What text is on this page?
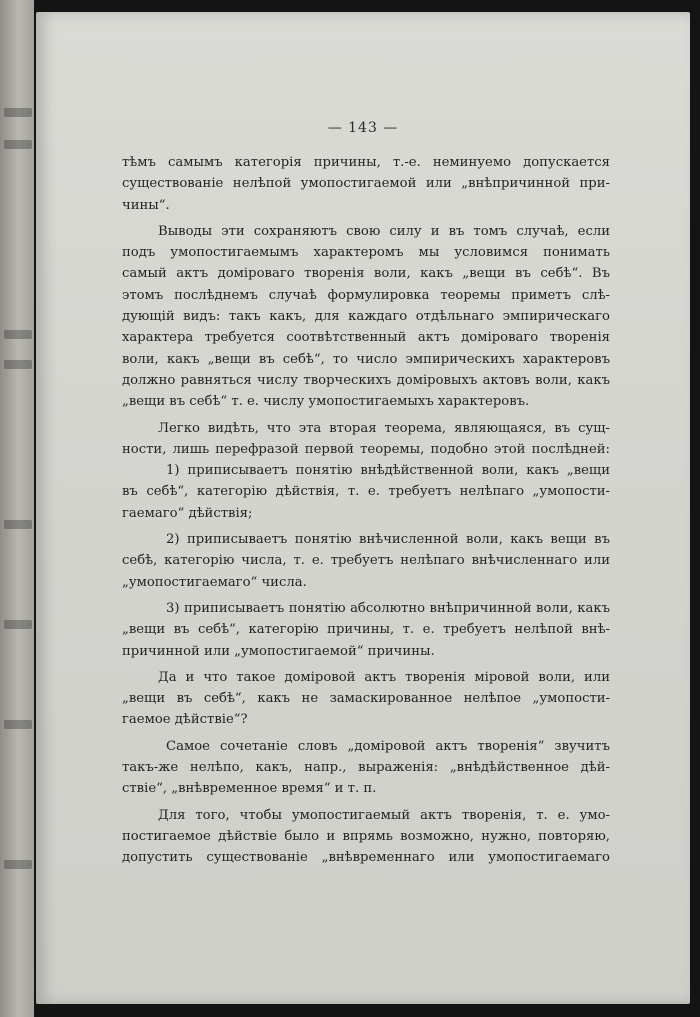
— 143 —
тѣмъ самымъ категорія причины, т.-е. неминуемо допускается
существованіе нелѣпой умопостигаемой или „внѣпричинной при-
чины“.
Выводы эти сохраняютъ свою силу и въ томъ случаѣ, если
подъ умопостигаемымъ характеромъ мы условимся понимать
самый актъ доміроваго творенія воли, какъ „вещи въ себѣ“. Въ
этомъ послѣднемъ случаѣ формулировка теоремы приметъ слѣ-
дующій видъ: такъ какъ, для каждаго отдѣльнаго эмпирическаго
характера требуется соотвѣтственный актъ доміроваго творенія
воли, какъ „вещи въ себѣ“, то число эмпирическихъ характеровъ
должно равняться числу творческихъ доміровыхъ актовъ воли, какъ
„вещи въ себѣ“ т. е. числу умопостигаемыхъ характеровъ.
Легко видѣть, что эта вторая теорема, являющаяся, въ сущ-
ности, лишь перефразой первой теоремы, подобно этой послѣдней:
1) приписываетъ понятію внѣдѣйственной воли, какъ „вещи
въ себѣ“, категорію дѣйствія, т. е. требуетъ нелѣпаго „умопости-
гаемаго“ дѣйствія;
2) приписываетъ понятію внѣчисленной воли, какъ вещи въ
себѣ, категорію числа, т. е. требуетъ нелѣпаго внѣчисленнаго или
„умопостигаемаго“ числа.
3) приписываетъ понятію абсолютно внѣпричинной воли, какъ
„вещи въ себѣ“, категорію причины, т. е. требуетъ нелѣпой внѣ-
причинной или „умопостигаемой“ причины.
Да и что такое доміровой актъ творенія міровой воли, или
„вещи въ себѣ“, какъ не замаскированное нелѣпое „умопости-
гаемое дѣйствіе“?
Самое сочетаніе словъ „доміровой актъ творенія“ звучитъ
такъ-же нелѣпо, какъ, напр., выраженія: „внѣдѣйственное дѣй-
ствіе“, „внѣвременное время“ и т. п.
Для того, чтобы умопостигаемый актъ творенія, т. е. умо-
постигаемое дѣйствіе было и впрямь возможно, нужно, повторяю,
допустить существованіе „внѣвременнаго или умопостигаемаго
